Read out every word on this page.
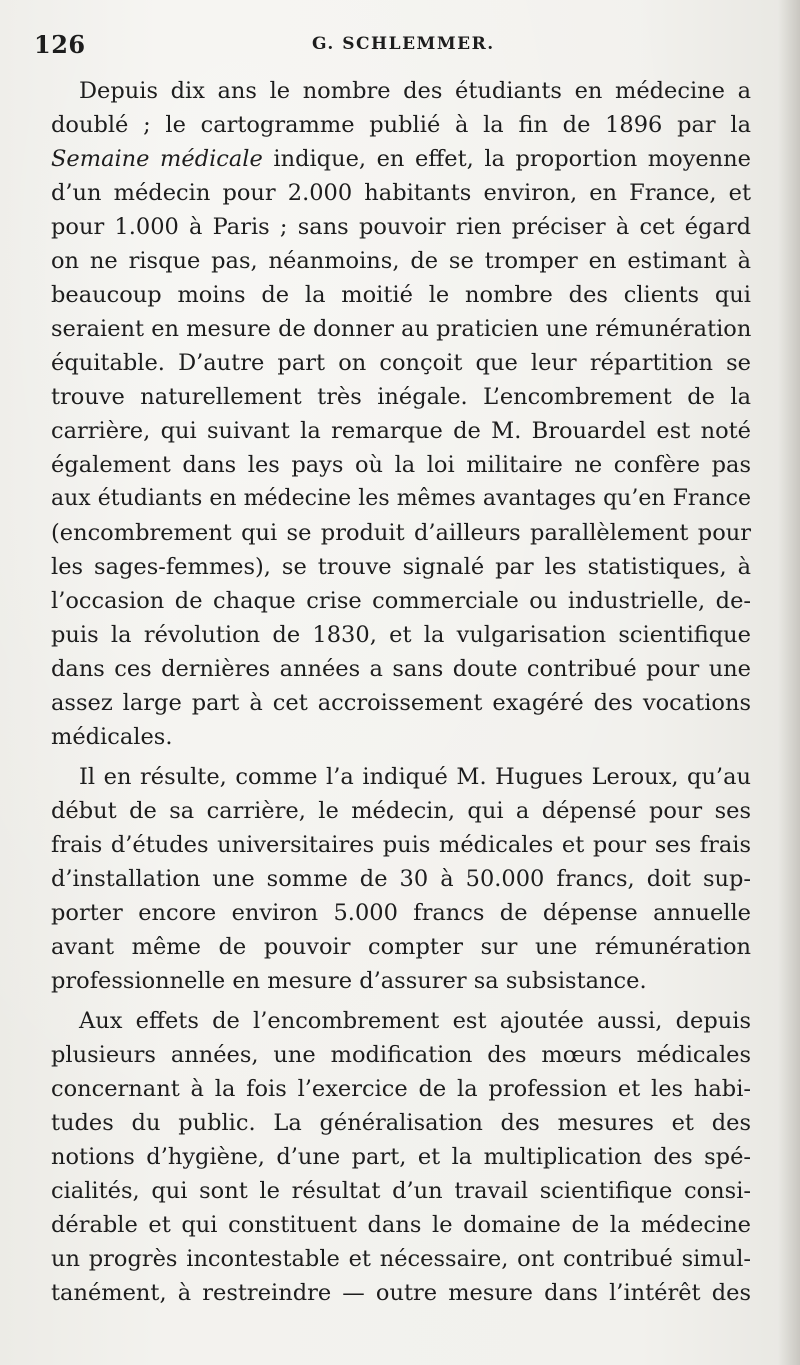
126	G. SCHLEMMER.
Depuis dix ans le nombre des étudiants en médecine a
doublé ; le cartogramme publié à la fin de 1896 par la
Semaine médicale indique, en effet, la proportion moyenne
d’un médecin pour 2.000 habitants environ, en France, et
pour 1.000 à Paris ; sans pouvoir rien préciser à cet égard
on ne risque pas, néanmoins, de se tromper en estimant à
beaucoup moins de la moitié le nombre des clients qui
seraient en mesure de donner au praticien une rémunération
équitable. D’autre part on conçoit que leur répartition se
trouve naturellement très inégale. L’encombrement de la
carrière, qui suivant la remarque de M. Brouardel est noté
également dans les pays où la loi militaire ne confère pas
aux étudiants en médecine les mêmes avantages qu’en France
(encombrement qui se produit d’ailleurs parallèlement pour
les sages-femmes), se trouve signalé par les statistiques, à
l’occasion de chaque crise commerciale ou industrielle, de-
puis la révolution de 1830, et la vulgarisation scientifique
dans ces dernières années a sans doute contribué pour une
assez large part à cet accroissement exagéré des vocations
médicales.
Il en résulte, comme l’a indiqué M. Hugues Leroux, qu’au
début de sa carrière, le médecin, qui a dépensé pour ses
frais d’études universitaires puis médicales et pour ses frais
d’installation une somme de 30 à 50.000 francs, doit sup-
porter encore environ 5.000 francs de dépense annuelle
avant même de pouvoir compter sur une rémunération
professionnelle en mesure d’assurer sa subsistance.
Aux effets de l’encombrement est ajoutée aussi, depuis
plusieurs années, une modification des mœurs médicales
concernant à la fois l’exercice de la profession et les habi-
tudes du public. La généralisation des mesures et des
notions d’hygiène, d’une part, et la multiplication des spé-
cialités, qui sont le résultat d’un travail scientifique consi-
dérable et qui constituent dans le domaine de la médecine
un progrès incontestable et nécessaire, ont contribué simul-
tanément, à restreindre — outre mesure dans l’intérêt des
